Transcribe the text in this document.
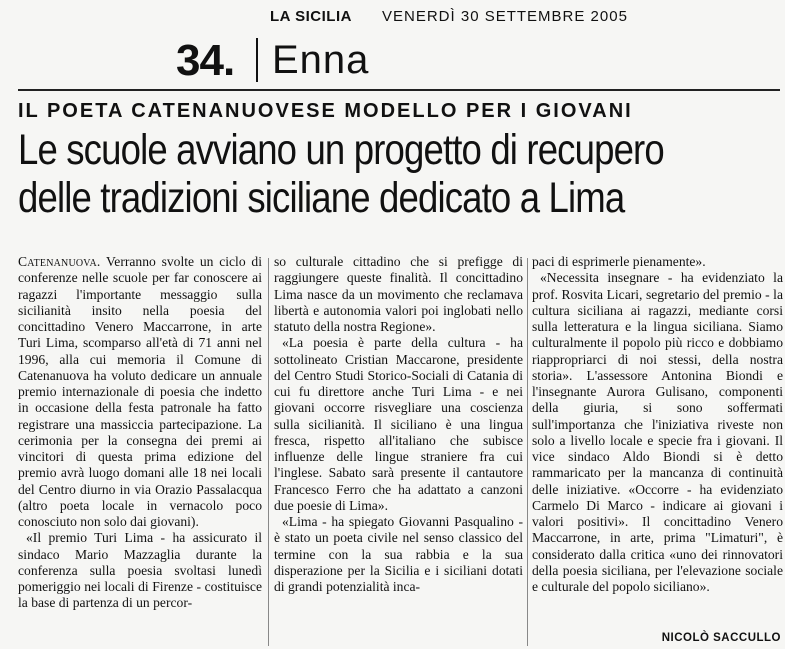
LA SICILIA VENERDÌ 30 SETTEMBRE 2005
34. Enna
IL POETA CATENANUOVESE MODELLO PER I GIOVANI
Le scuole avviano un progetto di recupero
delle tradizioni siciliane dedicato a Lima

Catenanuova. Verranno svolte un ciclo di conferenze nelle scuole per far conoscere ai ragazzi l'importante messaggio sulla sicilianità insito nella poesia del concittadino Venero Maccarrone, in arte Turi Lima, scomparso all'età di 71 anni nel 1996, alla cui memoria il Comune di Catenanuova ha voluto dedicare un annuale premio internazionale di poesia che indetto in occasione della festa patronale ha fatto registrare una massiccia partecipazione. La cerimonia per la consegna dei premi ai vincitori di questa prima edizione del premio avrà luogo domani alle 18 nei locali del Centro diurno in via Orazio Passalacqua (altro poeta locale in vernacolo poco conosciuto non solo dai giovani).

«Il premio Turi Lima - ha assicurato il sindaco Mario Mazzaglia durante la conferenza sulla poesia svoltasi lunedì pomeriggio nei locali di Firenze - costituisce la base di partenza di un percor-

so culturale cittadino che si prefigge di raggiungere queste finalità. Il concittadino Lima nasce da un movimento che reclamava libertà e autonomia valori poi inglobati nello statuto della nostra Regione».

«La poesia è parte della cultura - ha sottolineato Cristian Maccarone, presidente del Centro Studi Storico-Sociali di Catania di cui fu direttore anche Turi Lima - e nei giovani occorre risvegliare una coscienza sulla sicilianità. Il siciliano è una lingua fresca, rispetto all'italiano che subisce influenze delle lingue straniere fra cui l'inglese. Sabato sarà presente il cantautore Francesco Ferro che ha adattato a canzoni due poesie di Lima».

«Lima - ha spiegato Giovanni Pasqualino - è stato un poeta civile nel senso classico del termine con la sua rabbia e la sua disperazione per la Sicilia e i siciliani dotati di grandi potenzialità inca-

paci di esprimerle pienamente».

«Necessita insegnare - ha evidenziato la prof. Rosvita Licari, segretario del premio - la cultura siciliana ai ragazzi, mediante corsi sulla letteratura e la lingua siciliana. Siamo culturalmente il popolo più ricco e dobbiamo riappropriarci di noi stessi, della nostra storia». L'assessore Antonina Biondi e l'insegnante Aurora Gulisano, componenti della giuria, si sono soffermati sull'importanza che l'iniziativa riveste non solo a livello locale e specie fra i giovani. Il vice sindaco Aldo Biondi si è detto rammaricato per la mancanza di continuità delle iniziative. «Occorre - ha evidenziato Carmelo Di Marco - indicare ai giovani i valori positivi». Il concittadino Venero Maccarrone, in arte, prima "Limaturi", è considerato dalla critica «uno dei rinnovatori della poesia siciliana, per l'elevazione sociale e culturale del popolo siciliano».

NICOLÒ SACCULLO
